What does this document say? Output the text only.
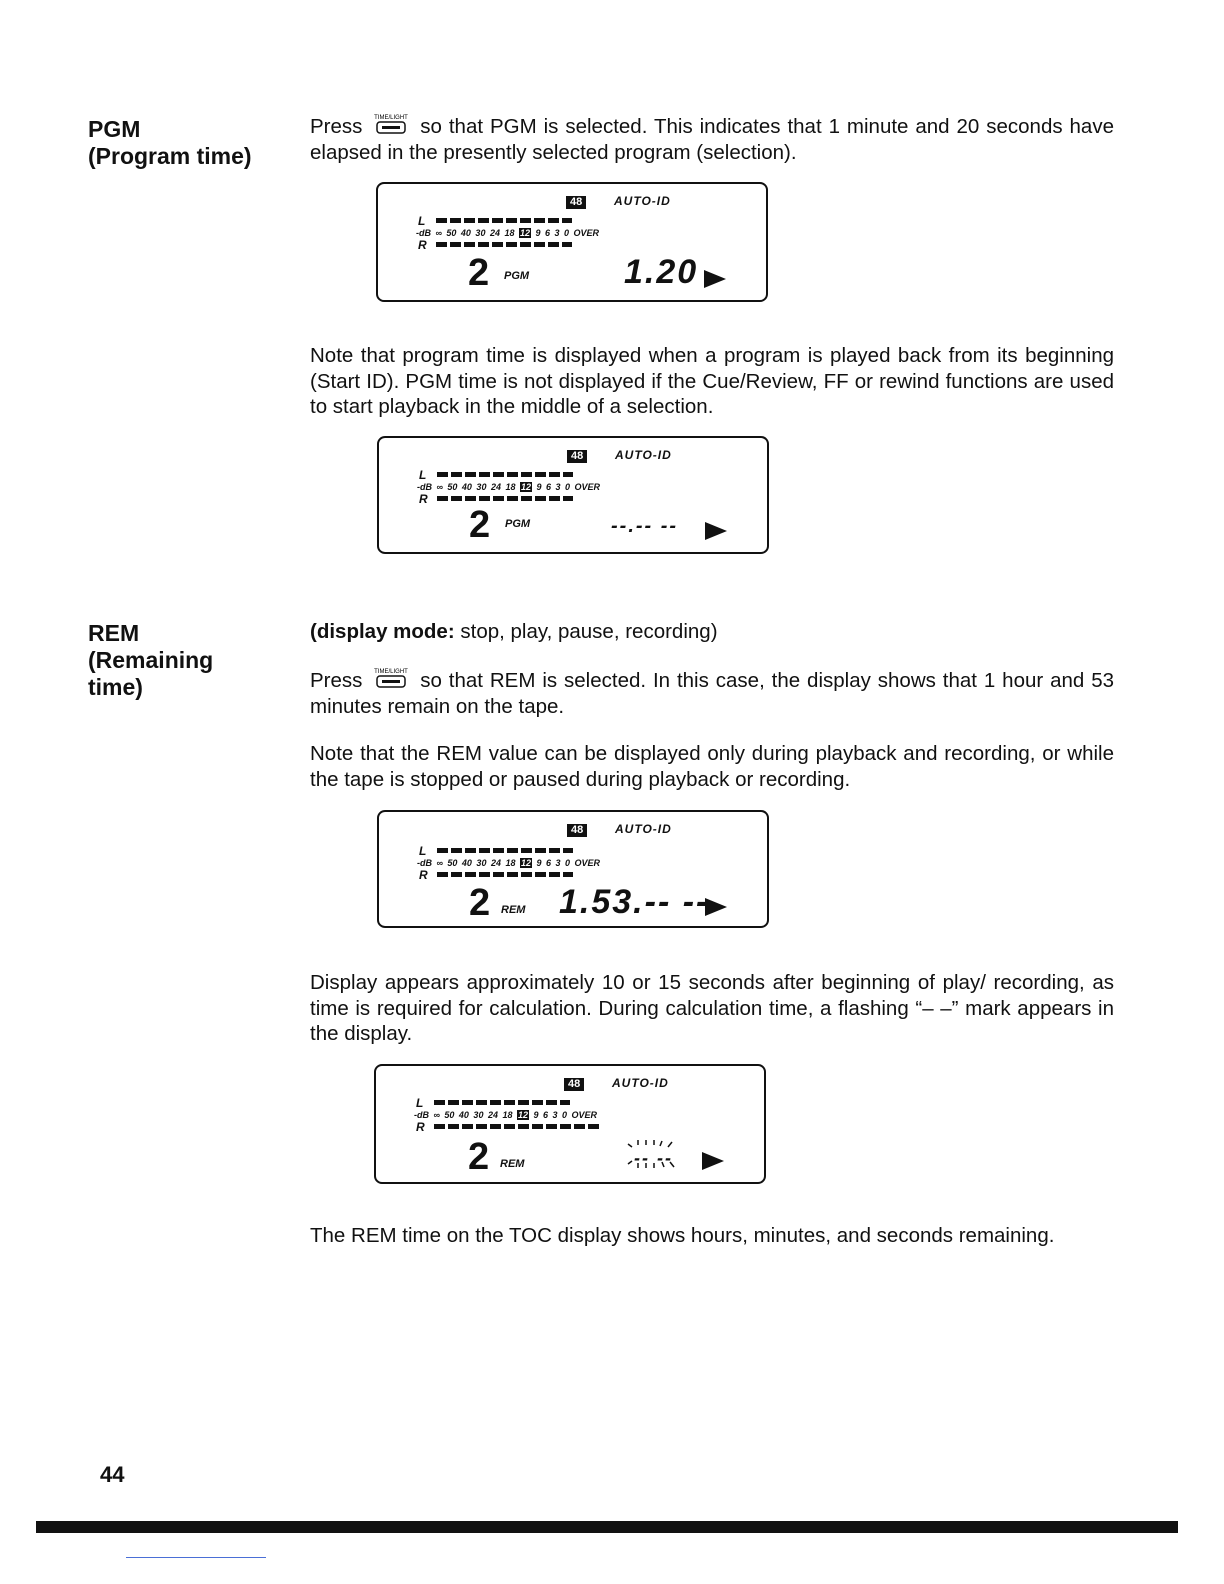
PGM
(Program time)
Press TIME/LIGHT so that PGM is selected. This indicates that 1 minute and 20 seconds have elapsed in the presently selected program (selection).
48	AUTO-ID
L
-dB ∞ 50 40 30 24 18 12 9 6 3 0 OVER
R
2 PGM	1.20
Note that program time is displayed when a program is played back from its beginning (Start ID). PGM time is not displayed if the Cue/Review, FF or rewind functions are used to start playback in the middle of a selection.
48	AUTO-ID
L
-dB ∞ 50 40 30 24 18 12 9 6 3 0 OVER
R
2 PGM	--.-- --
REM
(Remaining
time)
(display mode: stop, play, pause, recording)
Press TIME/LIGHT so that REM is selected. In this case, the display shows that 1 hour and 53 minutes remain on the tape.
Note that the REM value can be displayed only during playback and recording, or while the tape is stopped or paused during playback or recording.
48	AUTO-ID
L
-dB ∞ 50 40 30 24 18 12 9 6 3 0 OVER
R
2 REM 1.53.-- --
Display appears approximately 10 or 15 seconds after beginning of play/ recording, as time is required for calculation. During calculation time, a flashing “– –” mark appears in the display.
48	AUTO-ID
L
-dB ∞ 50 40 30 24 18 12 9 6 3 0 OVER
R
2 REM	-- --
The REM time on the TOC display shows hours, minutes, and seconds remaining.
44
